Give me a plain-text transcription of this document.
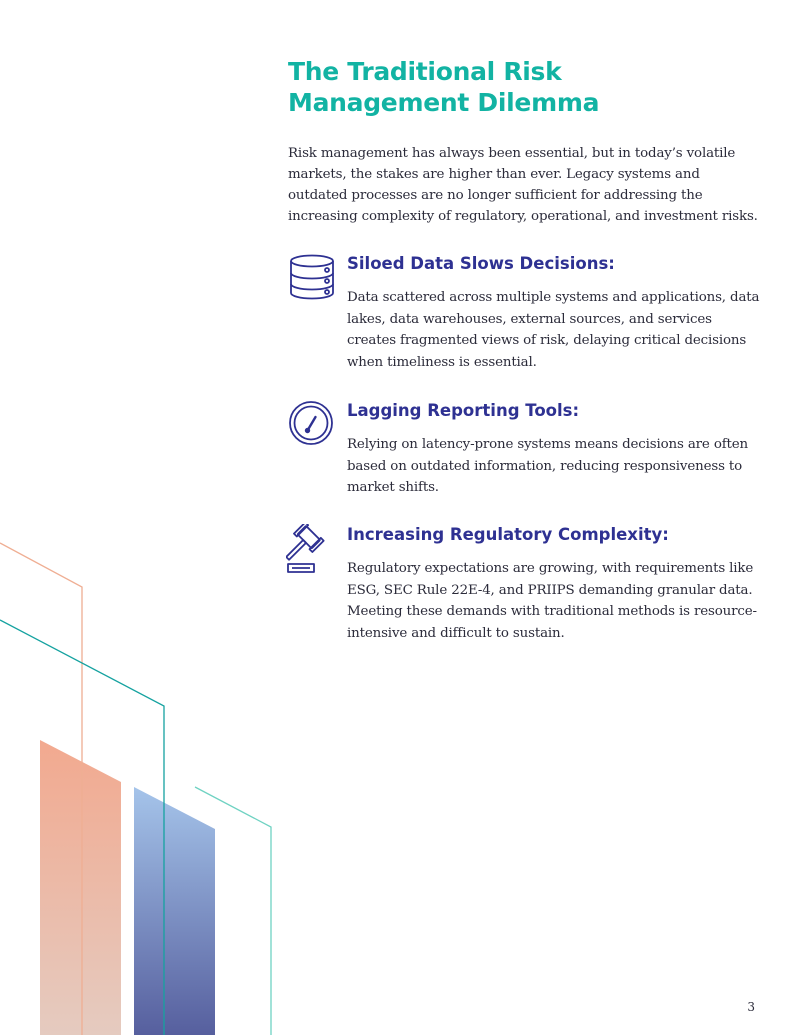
The Traditional Risk
Management Dilemma

Risk management has always been essential, but in today’s volatile markets, the stakes are higher than ever. Legacy systems and outdated processes are no longer sufficient for addressing the increasing complexity of regulatory, operational, and investment risks.

Siloed Data Slows Decisions:

Data scattered across multiple systems and applications, data lakes, data warehouses, external sources, and services creates fragmented views of risk, delaying critical decisions when timeliness is essential.

Lagging Reporting Tools:

Relying on latency-prone systems means decisions are often based on outdated information, reducing responsiveness to market shifts.

Increasing Regulatory Complexity:

Regulatory expectations are growing, with requirements like ESG, SEC Rule 22E-4, and PRIIPS demanding granular data. Meeting these demands with traditional methods is resource-intensive and difficult to sustain.

3
